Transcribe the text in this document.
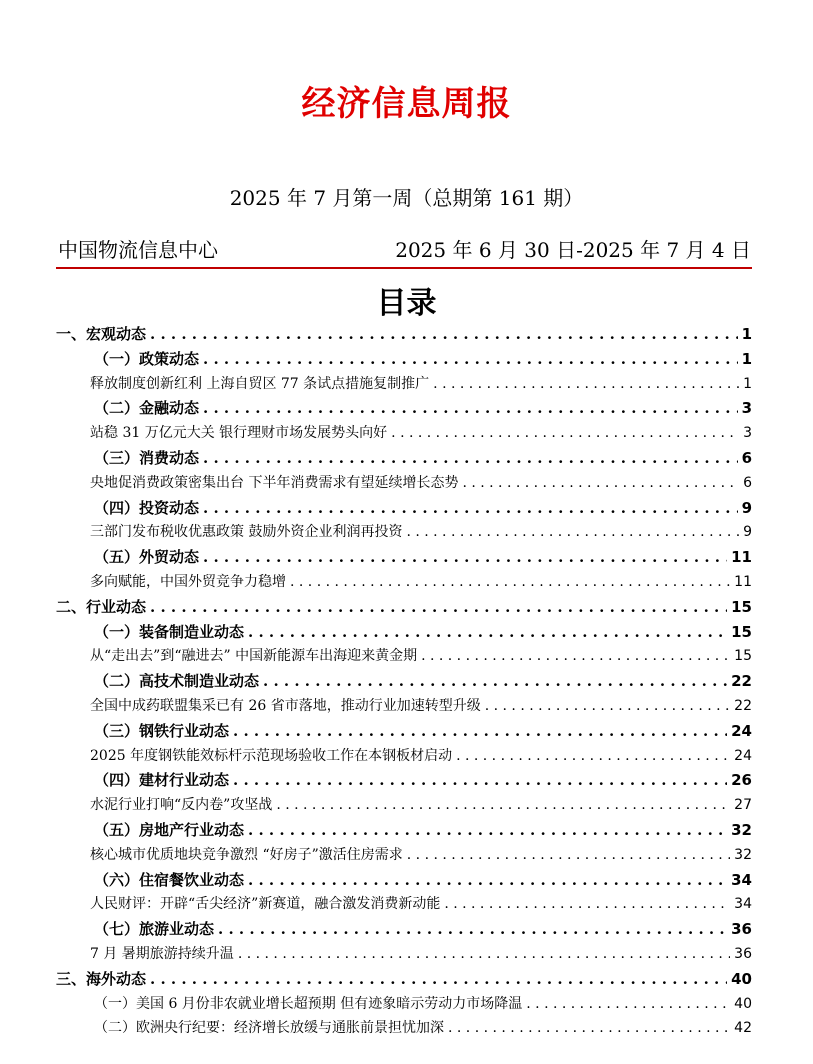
经济信息周报
2025 年 7 月第一周（总期第 161 期）
中国物流信息中心	2025 年 6 月 30 日-2025 年 7 月 4 日
目录
一、宏观动态 . . .	1
（一）政策动态 . . .	1
释放制度创新红利 上海自贸区 77 条试点措施复制推广 . . .	1
（二）金融动态 . . .	3
站稳 31 万亿元大关 银行理财市场发展势头向好 . . .	3
（三）消费动态 . . .	6
央地促消费政策密集出台 下半年消费需求有望延续增长态势 . . .	6
（四）投资动态 . . .	9
三部门发布税收优惠政策 鼓励外资企业利润再投资 . . .	9
（五）外贸动态 . . .	11
多向赋能，中国外贸竞争力稳增 . . .	11
二、行业动态 . . .	15
（一）装备制造业动态 . . .	15
从“走出去”到“融进去” 中国新能源车出海迎来黄金期 . . .	15
（二）高技术制造业动态 . . .	22
全国中成药联盟集采已有 26 省市落地，推动行业加速转型升级 . . .	22
（三）钢铁行业动态 . . .	24
2025 年度钢铁能效标杆示范现场验收工作在本钢板材启动 . . .	24
（四）建材行业动态 . . .	26
水泥行业打响“反内卷”攻坚战 . . .	27
（五）房地产行业动态 . . .	32
核心城市优质地块竞争激烈 “好房子”激活住房需求 . . .	32
（六）住宿餐饮业动态 . . .	34
人民财评：开辟“舌尖经济”新赛道，融合激发消费新动能 . . .	34
（七）旅游业动态 . . .	36
7 月 暑期旅游持续升温 . . .	36
三、海外动态 . . .	40
（一）美国 6 月份非农就业增长超预期 但有迹象暗示劳动力市场降温 . . .	40
（二）欧洲央行纪要：经济增长放缓与通胀前景担忧加深 . . .	42
